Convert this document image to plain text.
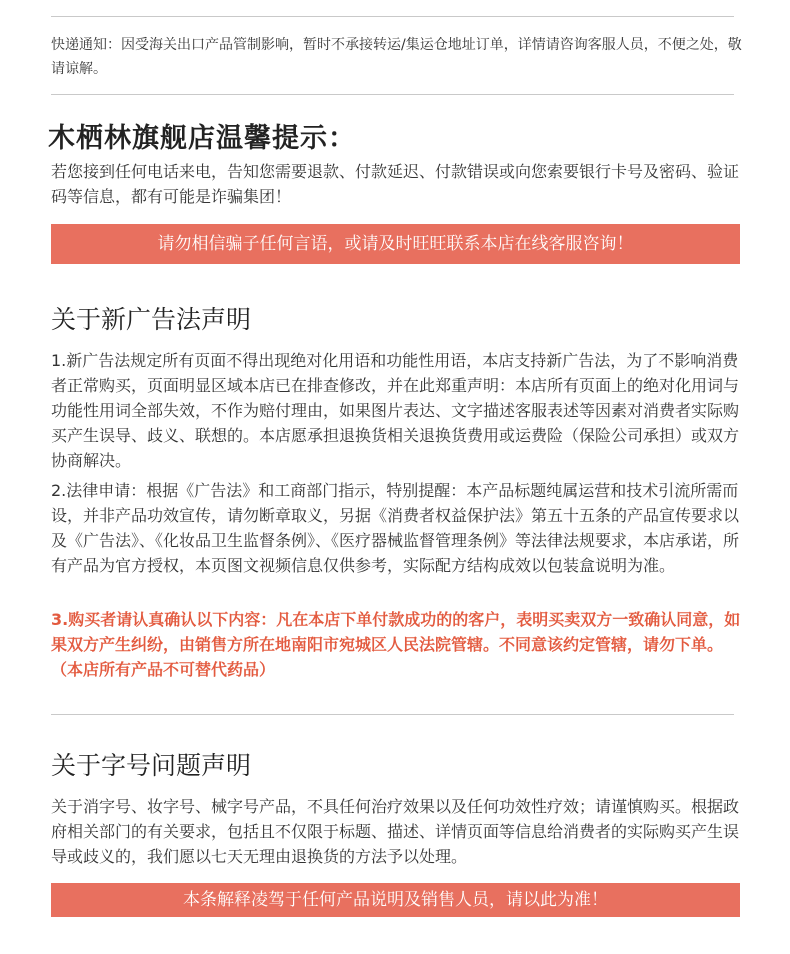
快递通知：因受海关出口产品管制影响，暂时不承接转运/集运仓地址订单，详情请咨询客服人员，不便之处，敬请谅解。
木栖林旗舰店温馨提示：
若您接到任何电话来电，告知您需要退款、付款延迟、付款错误或向您索要银行卡号及密码、验证码等信息，都有可能是诈骗集团！
请勿相信骗子任何言语，或请及时旺旺联系本店在线客服咨询！
关于新广告法声明
1.新广告法规定所有页面不得出现绝对化用语和功能性用语，本店支持新广告法，为了不影响消费者正常购买，页面明显区域本店已在排查修改，并在此郑重声明：本店所有页面上的绝对化用词与功能性用词全部失效，不作为赔付理由，如果图片表达、文字描述客服表述等因素对消费者实际购买产生误导、歧义、联想的。本店愿承担退换货相关退换货费用或运费险（保险公司承担）或双方协商解决。
2.法律申请：根据《广告法》和工商部门指示，特别提醒：本产品标题纯属运营和技术引流所需而设，并非产品功效宣传，请勿断章取义，另据《消费者权益保护法》第五十五条的产品宣传要求以及《广告法》、《化妆品卫生监督条例》、《医疗器械监督管理条例》等法律法规要求，本店承诺，所有产品为官方授权，本页图文视频信息仅供参考，实际配方结构成效以包装盒说明为准。
3.购买者请认真确认以下内容：凡在本店下单付款成功的的客户，表明买卖双方一致确认同意，如果双方产生纠纷，由销售方所在地南阳市宛城区人民法院管辖。不同意该约定管辖，请勿下单。（本店所有产品不可替代药品）
关于字号问题声明
关于消字号、妆字号、械字号产品，不具任何治疗效果以及任何功效性疗效；请谨慎购买。根据政府相关部门的有关要求，包括且不仅限于标题、描述、详情页面等信息给消费者的实际购买产生误导或歧义的，我们愿以七天无理由退换货的方法予以处理。
本条解释凌驾于任何产品说明及销售人员，请以此为准！
